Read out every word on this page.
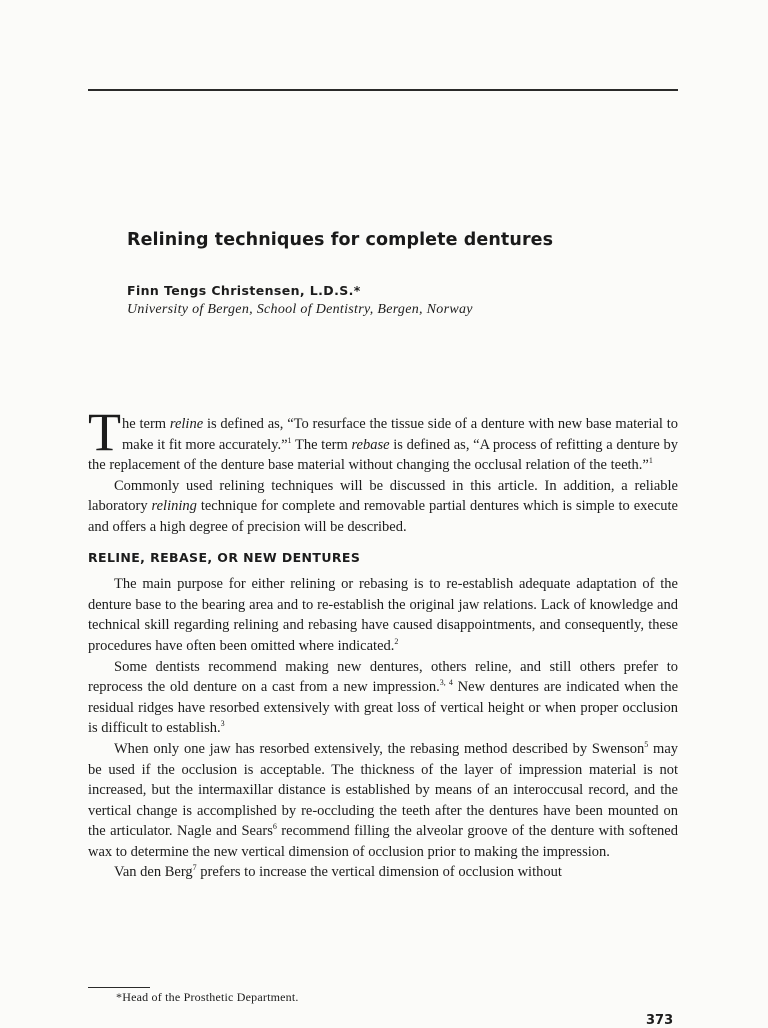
Relining techniques for complete dentures

Finn Tengs Christensen, L.D.S.*

University of Bergen, School of Dentistry, Bergen, Norway

The term reline is defined as, “To resurface the tissue side of a denture with new base material to make it fit more accurately.”$^1$ The term rebase is defined as, “A process of refitting a denture by the replacement of the denture base material without changing the occlusal relation of the teeth.”$^1$

Commonly used relining techniques will be discussed in this article. In addition, a reliable laboratory relining technique for complete and removable partial dentures which is simple to execute and offers a high degree of precision will be described.

RELINE, REBASE, OR NEW DENTURES

The main purpose for either relining or rebasing is to re-establish adequate adaptation of the denture base to the bearing area and to re-establish the original jaw relations. Lack of knowledge and technical skill regarding relining and rebasing have caused disappointments, and consequently, these procedures have often been omitted where indicated.$^2$

Some dentists recommend making new dentures, others reline, and still others prefer to reprocess the old denture on a cast from a new impression.$^{3, 4}$ New dentures are indicated when the residual ridges have resorbed extensively with great loss of vertical height or when proper occlusion is difficult to establish.$^3$

When only one jaw has resorbed extensively, the rebasing method described by Swenson$^5$ may be used if the occlusion is acceptable. The thickness of the layer of impression material is not increased, but the intermaxillar distance is established by means of an interoccusal record, and the vertical change is accomplished by re-occluding the teeth after the dentures have been mounted on the articulator. Nagle and Sears$^6$ recommend filling the alveolar groove of the denture with softened wax to determine the new vertical dimension of occlusion prior to making the impression.

Van den Berg$^7$ prefers to increase the vertical dimension of occlusion without

*Head of the Prosthetic Department.

373
